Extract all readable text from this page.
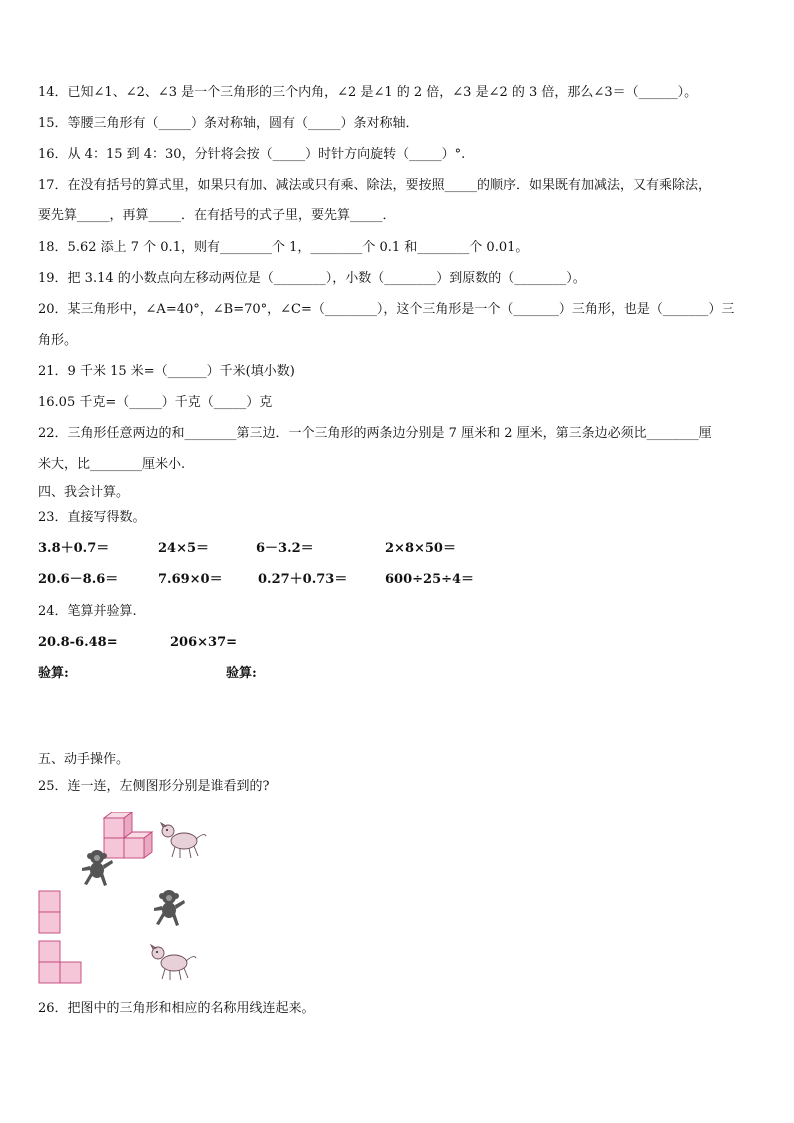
14．已知∠1、∠2、∠3 是一个三角形的三个内角，∠2 是∠1 的 2 倍，∠3 是∠2 的 3 倍，那么∠3＝（______）。
15．等腰三角形有（_____）条对称轴，圆有（_____）条对称轴．
16．从 4：15 到 4：30，分针将会按（_____）时针方向旋转（_____）°.
17．在没有括号的算式里，如果只有加、减法或只有乘、除法，要按照_____的顺序．如果既有加减法，又有乘除法，
要先算_____，再算_____．在有括号的式子里，要先算_____．
18．5.62 添上 7 个 0.1，则有________个 1，________个 0.1 和________个 0.01。
19．把 3.14 的小数点向左移动两位是（________），小数（________）到原数的（________）。
20．某三角形中，∠A=40°，∠B=70°，∠C=（________），这个三角形是一个（_______）三角形，也是（_______）三
角形。
21．9 千米 15 米=（______）千米(填小数)
16.05 千克=（_____）千克（_____）克
22．三角形任意两边的和________第三边．一个三角形的两条边分别是 7 厘米和 2 厘米，第三条边必须比________厘
米大，比________厘米小.
四、我会计算。
23．直接写得数。
3.8＋0.7＝	24×5＝	6－3.2＝	2×8×50＝
20.6－8.6＝	7.69×0＝	0.27＋0.73＝	600÷25÷4＝
24．笔算并验算.
20.8-6.48=	206×37=
验算:	验算:
五、动手操作。
25．连一连，左侧图形分别是谁看到的?
26．把图中的三角形和相应的名称用线连起来。
